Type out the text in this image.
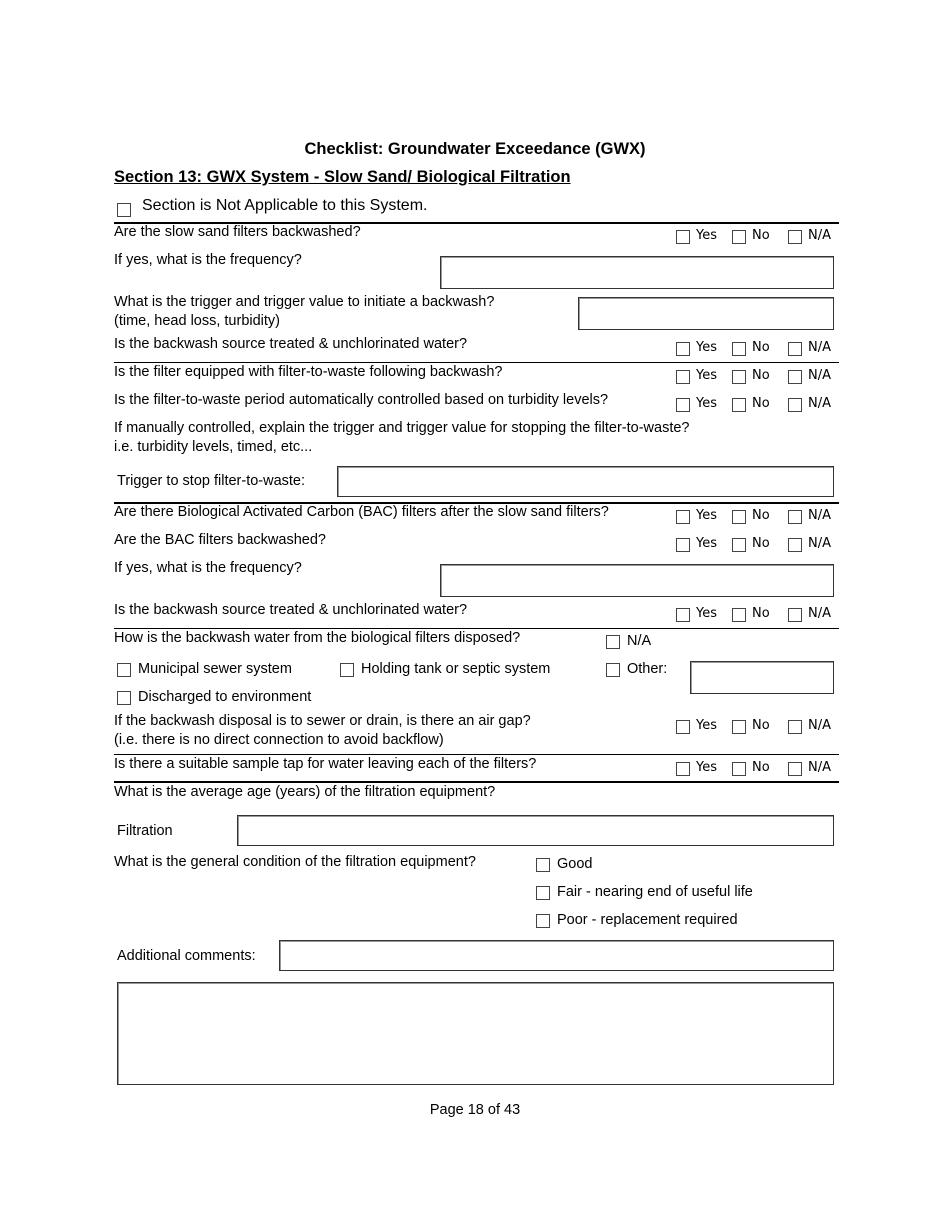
Checklist: Groundwater Exceedance (GWX)
Section 13: GWX System - Slow Sand/ Biological Filtration
Section is Not Applicable to this System.
Are the slow sand filters backwashed?	Yes	No	N/A
If yes, what is the frequency?
What is the trigger and trigger value to initiate a backwash?
(time, head loss, turbidity)
Is the backwash source treated & unchlorinated water?	Yes	No	N/A
Is the filter equipped with filter-to-waste following backwash?	Yes	No	N/A
Is the filter-to-waste period automatically controlled based on turbidity levels?	Yes	No	N/A
If manually controlled, explain the trigger and trigger value for stopping the filter-to-waste?
i.e. turbidity levels, timed, etc...
Trigger to stop filter-to-waste:
Are there Biological Activated Carbon (BAC) filters after the slow sand filters?	Yes	No	N/A
Are the BAC filters backwashed?	Yes	No	N/A
If yes, what is the frequency?
Is the backwash source treated & unchlorinated water?	Yes	No	N/A
How is the backwash water from the biological filters disposed?	N/A
Municipal sewer system	Holding tank or septic system	Other:
Discharged to environment
If the backwash disposal is to sewer or drain, is there an air gap?
(i.e. there is no direct connection to avoid backflow)
Yes	No	N/A
Is there a suitable sample tap for water leaving each of the filters?	Yes	No	N/A
What is the average age (years) of the filtration equipment?
Filtration
What is the general condition of the filtration equipment?	Good
Fair - nearing end of useful life
Poor - replacement required
Additional comments:
Page 18 of 43
